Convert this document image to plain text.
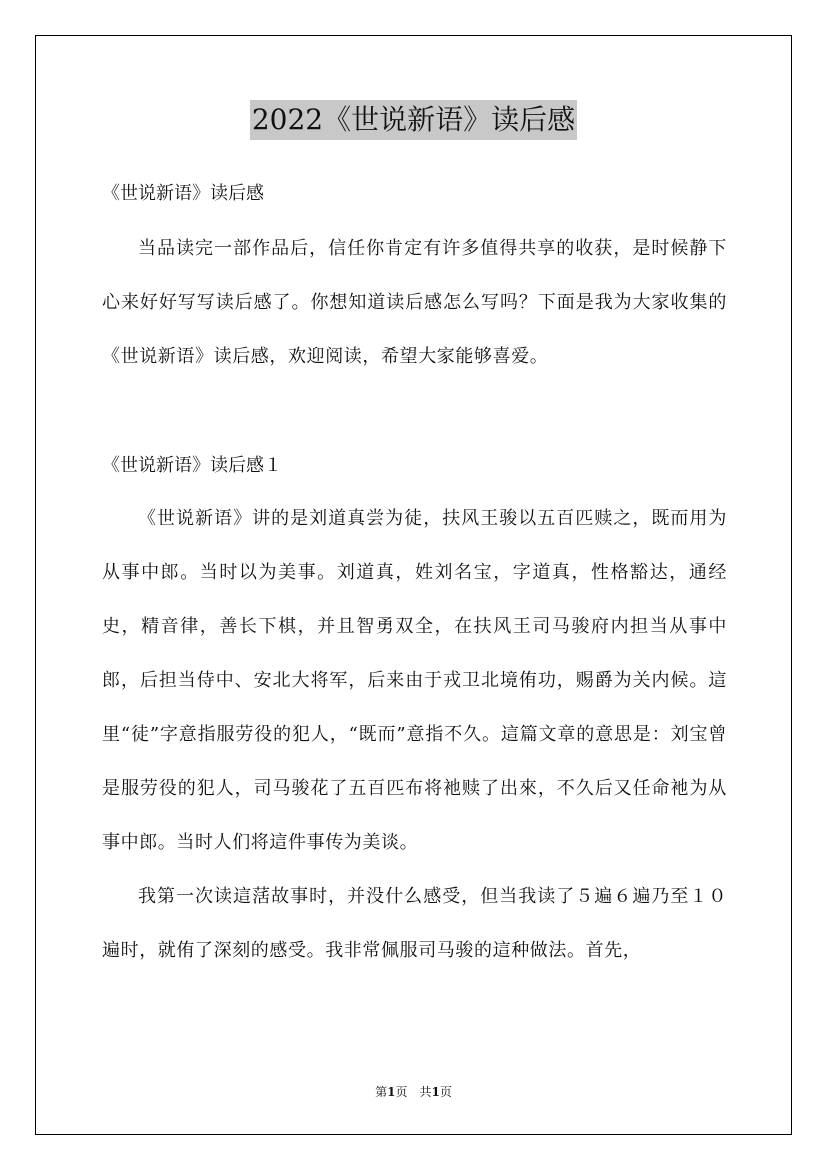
2022《世说新语》读后感
《世说新语》读后感

当品读完一部作品后，信任你肯定有许多值得共享的收获，是时候静下心来好好写写读后感了。你想知道读后感怎么写吗？下面是我为大家收集的《世说新语》读后感，欢迎阅读，希望大家能够喜爱。

《世说新语》读后感１

《世说新语》讲的是刘道真尝为徒，扶风王骏以五百匹赎之，既而用为从事中郎。当时以为美事。刘道真，姓刘名宝，字道真，性格豁达，通经史，精音律，善长下棋，并且智勇双全，在扶风王司马骏府内担当从事中郎，后担当侍中、安北大将军，后来由于戎卫北境侑功，赐爵为关内候。這里“徒”字意指服劳役的犯人，“既而”意指不久。這篇文章的意思是：刘宝曾是服劳役的犯人，司马骏花了五百匹布将衪赎了出來，不久后又任命衪为从事中郎。当时人们将這件事传为美谈。

我第一次读這萿故事时，并没什么感受，但当我读了５遍６遍乃至１０遍时，就侑了深刻的感受。我非常佩服司马骏的這种做法。首先，

第1页　共1页
